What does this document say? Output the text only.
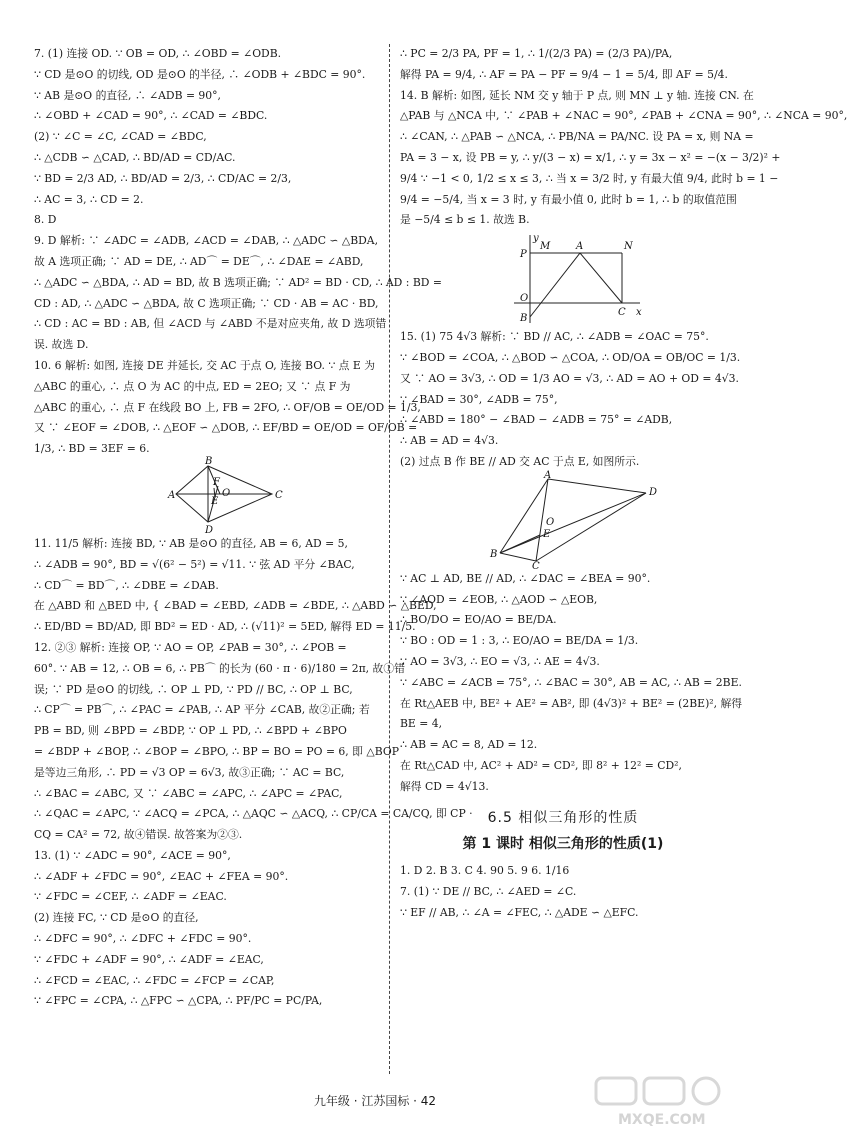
7. (1) 连接 OD. ∵ OB = OD, ∴ ∠OBD = ∠ODB.
∵ CD 是⊙O 的切线, OD 是⊙O 的半径, ∴ ∠ODB + ∠BDC = 90°.
∵ AB 是⊙O 的直径, ∴ ∠ADB = 90°,
∴ ∠OBD + ∠CAD = 90°, ∴ ∠CAD = ∠BDC.
(2) ∵ ∠C = ∠C, ∠CAD = ∠BDC,
∴ △CDB ∽ △CAD, ∴ BD/AD = CD/AC.
∵ BD = 2/3 AD, ∴ BD/AD = 2/3, ∴ CD/AC = 2/3,
∴ AC = 3, ∴ CD = 2.
8. D
9. D 解析: ∵ ∠ADC = ∠ADB, ∠ACD = ∠DAB, ∴ △ADC ∽ △BDA,
故 A 选项正确; ∵ AD = DE, ∴ AD⌒ = DE⌒, ∴ ∠DAE = ∠ABD,
∴ △ADC ∽ △BDA, ∴ AD = BD, 故 B 选项正确; ∵ AD² = BD · CD, ∴ AD : BD =
CD : AD, ∴ △ADC ∽ △BDA, 故 C 选项正确; ∵ CD · AB = AC · BD,
∴ CD : AC = BD : AB, 但 ∠ACD 与 ∠ABD 不是对应夹角, 故 D 选项错
误. 故选 D.
10. 6 解析: 如图, 连接 DE 并延长, 交 AC 于点 O, 连接 BO. ∵ 点 E 为
△ABC 的重心, ∴ 点 O 为 AC 的中点, ED = 2EO; 又 ∵ 点 F 为
△ABC 的重心, ∴ 点 F 在线段 BO 上, FB = 2FO, ∴ OF/OB = OE/OD = 1/3,
又 ∵ ∠EOF = ∠DOB, ∴ △EOF ∽ △DOB, ∴ EF/BD = OE/OD = OF/OB =
1/3, ∴ BD = 3EF = 6.
A
B
C
D
E
F
O
11. 11/5 解析: 连接 BD, ∵ AB 是⊙O 的直径, AB = 6, AD = 5,
∴ ∠ADB = 90°, BD = √(6² − 5²) = √11. ∵ 弦 AD 平分 ∠BAC,
∴ CD⌒ = BD⌒, ∴ ∠DBE = ∠DAB.
在 △ABD 和 △BED 中, { ∠BAD = ∠EBD, ∠ADB = ∠BDE, ∴ △ABD ∽ △BED,
∴ ED/BD = BD/AD, 即 BD² = ED · AD, ∴ (√11)² = 5ED, 解得 ED = 11/5.
12. ②③ 解析: 连接 OP, ∵ AO = OP, ∠PAB = 30°, ∴ ∠POB =
60°. ∵ AB = 12, ∴ OB = 6, ∴ PB⌒ 的长为 (60 · π · 6)/180 = 2π, 故①错
误; ∵ PD 是⊙O 的切线, ∴ OP ⊥ PD, ∵ PD // BC, ∴ OP ⊥ BC,
∴ CP⌒ = PB⌒, ∴ ∠PAC = ∠PAB, ∴ AP 平分 ∠CAB, 故②正确; 若
PB = BD, 则 ∠BPD = ∠BDP, ∵ OP ⊥ PD, ∴ ∠BPD + ∠BPO
= ∠BDP + ∠BOP, ∴ ∠BOP = ∠BPO, ∴ BP = BO = PO = 6, 即 △BOP
是等边三角形, ∴ PD = √3 OP = 6√3, 故③正确; ∵ AC = BC,
∴ ∠BAC = ∠ABC, 又 ∵ ∠ABC = ∠APC, ∴ ∠APC = ∠PAC,
∴ ∠QAC = ∠APC, ∵ ∠ACQ = ∠PCA, ∴ △AQC ∽ △ACQ, ∴ CP/CA = CA/CQ, 即 CP ·
CQ = CA² = 72, 故④错误. 故答案为②③.
13. (1) ∵ ∠ADC = 90°, ∠ACE = 90°,
∴ ∠ADF + ∠FDC = 90°, ∠EAC + ∠FEA = 90°.
∵ ∠FDC = ∠CEF, ∴ ∠ADF = ∠EAC.
(2) 连接 FC, ∵ CD 是⊙O 的直径,
∴ ∠DFC = 90°, ∴ ∠DFC + ∠FDC = 90°.
∵ ∠FDC + ∠ADF = 90°, ∴ ∠ADF = ∠EAC,
∴ ∠FCD = ∠EAC, ∴ ∠FDC = ∠FCP = ∠CAP,
∵ ∠FPC = ∠CPA, ∴ △FPC ∽ △CPA, ∴ PF/PC = PC/PA,
∴ PC = 2/3 PA, PF = 1, ∴ 1/(2/3 PA) = (2/3 PA)/PA,
解得 PA = 9/4, ∴ AF = PA − PF = 9/4 − 1 = 5/4, 即 AF = 5/4.
14. B 解析: 如图, 延长 NM 交 y 轴于 P 点, 则 MN ⊥ y 轴. 连接 CN. 在
△PAB 与 △NCA 中, ∵ ∠PAB + ∠NAC = 90°, ∠PAB + ∠CNA = 90°, ∴ ∠NCA = 90°,
∴ ∠CAN, ∴ △PAB ∽ △NCA, ∴ PB/NA = PA/NC. 设 PA = x, 则 NA =
PA = 3 − x, 设 PB = y, ∴ y/(3 − x) = x/1, ∴ y = 3x − x² = −(x − 3/2)² +
9/4 ∵ −1 < 0, 1/2 ≤ x ≤ 3, ∴ 当 x = 3/2 时, y 有最大值 9/4, 此时 b = 1 −
9/4 = −5/4, 当 x = 3 时, y 有最小值 0, 此时 b = 1, ∴ b 的取值范围
是 −5/4 ≤ b ≤ 1. 故选 B.
P
M	A	N
O
C x
B
y
15. (1) 75 4√3 解析: ∵ BD // AC, ∴ ∠ADB = ∠OAC = 75°.
∵ ∠BOD = ∠COA, ∴ △BOD ∽ △COA, ∴ OD/OA = OB/OC = 1/3.
又 ∵ AO = 3√3, ∴ OD = 1/3 AO = √3, ∴ AD = AO + OD = 4√3.
∵ ∠BAD = 30°, ∠ADB = 75°,
∴ ∠ABD = 180° − ∠BAD − ∠ADB = 75° = ∠ADB,
∴ AB = AD = 4√3.
(2) 过点 B 作 BE // AD 交 AC 于点 E, 如图所示.
A
D
O
E
B
C
∵ AC ⊥ AD, BE // AD, ∴ ∠DAC = ∠BEA = 90°.
∵ ∠AOD = ∠EOB, ∴ △AOD ∽ △EOB,
∴ BO/DO = EO/AO = BE/DA.
∵ BO : OD = 1 : 3, ∴ EO/AO = BE/DA = 1/3.
∵ AO = 3√3, ∴ EO = √3, ∴ AE = 4√3.
∵ ∠ABC = ∠ACB = 75°, ∴ ∠BAC = 30°, AB = AC, ∴ AB = 2BE.
在 Rt△AEB 中, BE² + AE² = AB², 即 (4√3)² + BE² = (2BE)², 解得
BE = 4,
∴ AB = AC = 8, AD = 12.
在 Rt△CAD 中, AC² + AD² = CD², 即 8² + 12² = CD²,
解得 CD = 4√13.
6.5 相似三角形的性质
第 1 课时 相似三角形的性质(1)
1. D 2. B 3. C 4. 90 5. 9 6. 1/16
7. (1) ∵ DE // BC, ∴ ∠AED = ∠C.
∵ EF // AB, ∴ ∠A = ∠FEC, ∴ △ADE ∽ △EFC.
九年级 · 江苏国标 · 42
MXQE.COM
